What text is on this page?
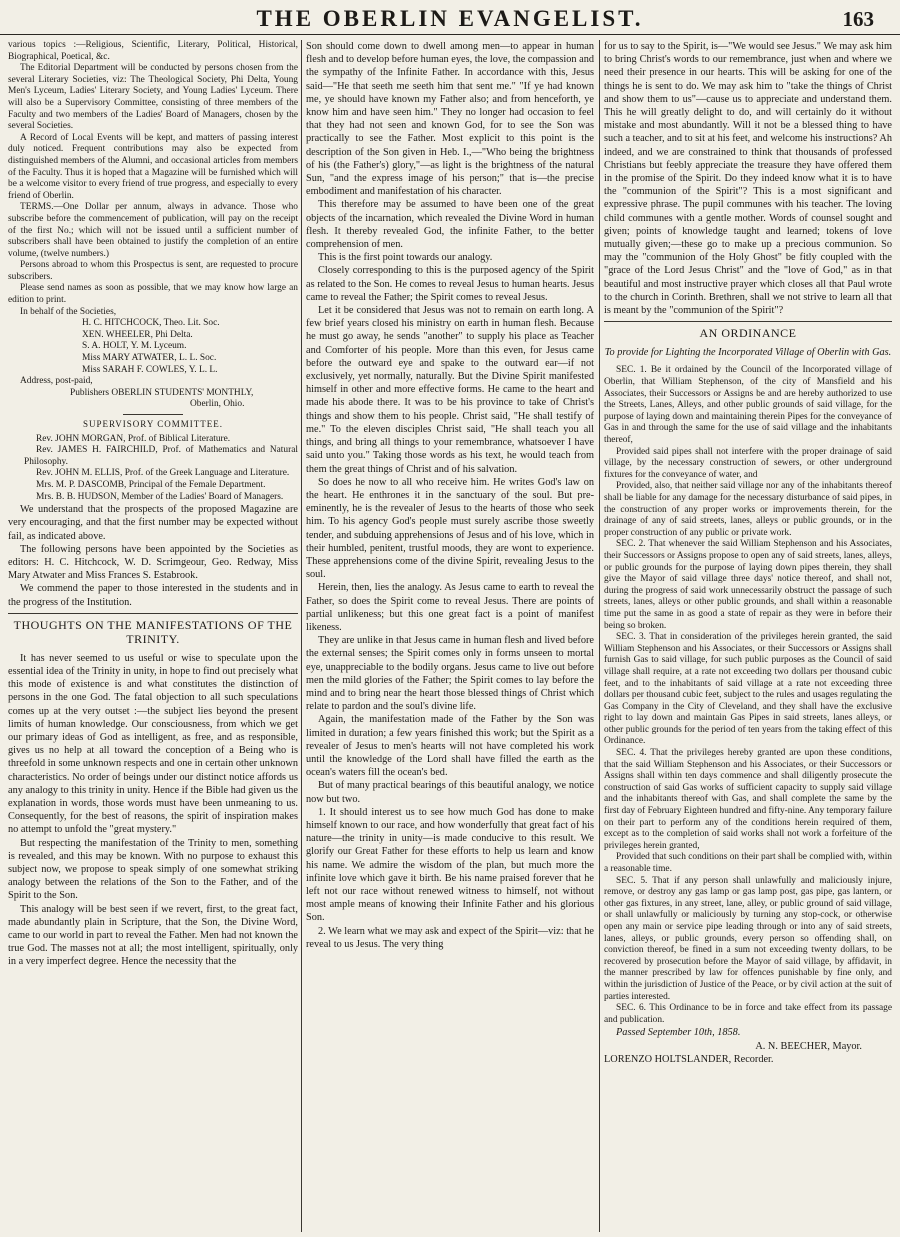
THE OBERLIN EVANGELIST.	163

various topics :—Religious, Scientific, Literary, Political, Historical, Biographical, Poetical, &c.

The Editorial Department will be conducted by persons chosen from the several Literary Societies, viz: The Theological Society, Phi Delta, Young Men's Lyceum, Ladies' Literary Society, and Young Ladies' Lyceum. There will also be a Supervisory Committee, consisting of three members of the Faculty and two members of the Ladies' Board of Managers, chosen by the several Societies.

A Record of Local Events will be kept, and matters of passing interest duly noticed. Frequent contributions may also be expected from distinguished members of the Alumni, and occasional articles from members of the Faculty. Thus it is hoped that a Magazine will be furnished which will be a welcome visitor to every friend of true progress, and especially to every friend of Oberlin.

TERMS.—One Dollar per annum, always in advance. Those who subscribe before the commencement of publication, will pay on the receipt of the first No.; which will not be issued until a sufficient number of subscribers shall have been obtained to justify the completion of an entire volume, (twelve numbers.)

Persons abroad to whom this Prospectus is sent, are requested to procure subscribers.

Please send names as soon as possible, that we may know how large an edition to print.

In behalf of the Societies,

H. C. HITCHCOCK, Theo. Lit. Soc.

XEN. WHEELER, Phi Delta.

S. A. HOLT, Y. M. Lyceum.

Miss MARY ATWATER, L. L. Soc.

Miss SARAH F. COWLES, Y. L. L.

Address, post-paid,

Publishers OBERLIN STUDENTS' MONTHLY,

Oberlin, Ohio.

SUPERVISORY COMMITTEE.

Rev. JOHN MORGAN, Prof. of Biblical Literature.

Rev. JAMES H. FAIRCHILD, Prof. of Mathematics and Natural Philosophy.

Rev. JOHN M. ELLIS, Prof. of the Greek Language and Literature.

Mrs. M. P. DASCOMB, Principal of the Female Department.

Mrs. B. B. HUDSON, Member of the Ladies' Board of Managers.

We understand that the prospects of the proposed Magazine are very encouraging, and that the first number may be expected without fail, as indicated above.

The following persons have been appointed by the Societies as editors: H. C. Hitchcock, W. D. Scrimgeour, Geo. Redway, Miss Mary Atwater and Miss Frances S. Estabrook.

We commend the paper to those interested in the students and in the progress of the Institution.

THOUGHTS ON THE MANIFESTATIONS OF THE TRINITY.

It has never seemed to us useful or wise to speculate upon the essential idea of the Trinity in unity, in hope to find out precisely what this mode of existence is and what constitutes the distinction of persons in the one God. The fatal objection to all such speculations comes up at the very outset :—the subject lies beyond the present limits of human knowledge. Our consciousness, from which we get our primary ideas of God as intelligent, as free, and as responsible, gives us no help at all toward the conception of a Being who is threefold in some unknown respects and one in certain other unknown characteristics. No order of beings under our distinct notice affords us any analogy to this trinity in unity. Hence if the Bible had given us the explanation in words, those words must have been unmeaning to us. Consequently, for the best of reasons, the spirit of inspiration makes no attempt to unfold the "great mystery."

But respecting the manifestation of the Trinity to men, something is revealed, and this may be known. With no purpose to exhaust this subject now, we propose to speak simply of one somewhat striking analogy between the relations of the Son to the Father, and of the Spirit to the Son.

This analogy will be best seen if we revert, first, to the great fact, made abundantly plain in Scripture, that the Son, the Divine Word, came to our world in part to reveal the Father. Men had not known the true God. The masses not at all; the most intelligent, spiritually, only in a very imperfect degree. Hence the necessity that the

Son should come down to dwell among men—to appear in human flesh and to develop before human eyes, the love, the compassion and the sympathy of the Infinite Father. In accordance with this, Jesus said—"He that seeth me seeth him that sent me." "If ye had known me, ye should have known my Father also; and from henceforth, ye know him and have seen him." They no longer had occasion to feel that they had not seen and known God, for to see the Son was practically to see the Father. Most explicit to this point is the description of the Son given in Heb. I.,—"Who being the brightness of his (the Father's) glory,"—as light is the brightness of the natural Sun, "and the express image of his person;" that is—the precise embodiment and manifestation of his character.

This therefore may be assumed to have been one of the great objects of the incarnation, which revealed the Divine Word in human flesh. It thereby revealed God, the infinite Father, to the better comprehension of men.

This is the first point towards our analogy.

Closely corresponding to this is the purposed agency of the Spirit as related to the Son. He comes to reveal Jesus to human hearts. Jesus came to reveal the Father; the Spirit comes to reveal Jesus.

Let it be considered that Jesus was not to remain on earth long. A few brief years closed his ministry on earth in human flesh. Because he must go away, he sends "another" to supply his place as Teacher and Comforter of his people. More than this even, for Jesus came before the outward eye and spake to the outward ear—if not exclusively, yet normally, naturally. But the Divine Spirit manifested himself in other and more effective forms. He came to the heart and made his abode there. It was to be his province to take of Christ's things and show them to his people. Christ said, "He shall testify of me." To the eleven disciples Christ said, "He shall teach you all things, and bring all things to your remembrance, whatsoever I have said unto you." Taking those words as his text, he would teach from them the great things of Christ and of his salvation.

So does he now to all who receive him. He writes God's law on the heart. He enthrones it in the sanctuary of the soul. But pre-eminently, he is the revealer of Jesus to the hearts of those who seek him. To his agency God's people must surely ascribe those sweetly tender, and subduing apprehensions of Jesus and of his love, which in their humbled, penitent, trustful moods, they are wont to experience. These apprehensions come of the divine Spirit, revealing Jesus to the soul.

Herein, then, lies the analogy. As Jesus came to earth to reveal the Father, so does the Spirit come to reveal Jesus. There are points of partial unlikeness; but this one great fact is a point of manifest likeness.

They are unlike in that Jesus came in human flesh and lived before the external senses; the Spirit comes only in forms unseen to mortal eye, unappreciable to the bodily organs. Jesus came to live out before men the mild glories of the Father; the Spirit comes to lay before the mind and to bring near the heart those blessed things of Christ which relate to pardon and the soul's divine life.

Again, the manifestation made of the Father by the Son was limited in duration; a few years finished this work; but the Spirit as a revealer of Jesus to men's hearts will not have completed his work until the knowledge of the Lord shall have filled the earth as the ocean's waters fill the ocean's bed.

But of many practical bearings of this beautiful analogy, we notice now but two.

1. It should interest us to see how much God has done to make himself known to our race, and how wonderfully that great fact of his nature—the trinity in unity—is made conducive to this result. We glorify our Great Father for these efforts to help us learn and know his name. We admire the wisdom of the plan, but much more the infinite love which gave it birth. Be his name praised forever that he left not our race without renewed witness to himself, not without most ample means of knowing their Infinite Father and his glorious Son.

2. We learn what we may ask and expect of the Spirit—viz: that he reveal to us Jesus. The very thing

for us to say to the Spirit, is—"We would see Jesus." We may ask him to bring Christ's words to our remembrance, just when and where we need their presence in our hearts. This will be asking for one of the things he is sent to do. We may ask him to "take the things of Christ and show them to us"—cause us to appreciate and understand them. This he will greatly delight to do, and will certainly do it without mistake and most abundantly. Will it not be a blessed thing to have such a teacher, and to sit at his feet, and welcome his instructions? Ah indeed, and we are constrained to think that thousands of professed Christians but feebly appreciate the treasure they have offered them in the promise of the Spirit. Do they indeed know what it is to have the "communion of the Spirit"? This is a most significant and expressive phrase. The pupil communes with his teacher. The loving child communes with a gentle mother. Words of counsel sought and given; points of knowledge taught and learned; tokens of love mutually given;—these go to make up a precious communion. So may the "communion of the Holy Ghost" be fitly coupled with the "grace of the Lord Jesus Christ" and the "love of God," as in that beautiful and most instructive prayer which closes all that Paul wrote to the church in Corinth. Brethren, shall we not strive to learn all that is meant by the "communion of the Spirit"?

AN ORDINANCE
To provide for Lighting the Incorporated Village of Oberlin with Gas.

SEC. 1. Be it ordained by the Council of the Incorporated village of Oberlin, that William Stephenson, of the city of Mansfield and his Associates, their Successors or Assigns be and are hereby authorized to use the Streets, Lanes, Alleys, and other public grounds of said village, for the purpose of laying down and maintaining therein Pipes for the conveyance of Gas in and through the same for the use of said village and the inhabitants thereof,

Provided said pipes shall not interfere with the proper drainage of said village, by the necessary construction of sewers, or other underground fixtures for the conveyance of water, and

Provided, also, that neither said village nor any of the inhabitants thereof shall be liable for any damage for the necessary disturbance of said pipes, in the construction of any proper works or improvements therein, for the drainage of any of said streets, lanes, alleys or public grounds, or in the proper construction of any public or private work.

SEC. 2. That whenever the said William Stephenson and his Associates, their Successors or Assigns propose to open any of said streets, lanes, alleys, or public grounds for the purpose of laying down pipes therein, they shall give the Mayor of said village three days' notice thereof, and shall not, during the progress of said work unnecessarily obstruct the passage of such streets, lanes, alleys or other public grounds, and shall within a reasonable time put the same in as good a state of repair as they were in before their being so broken.

SEC. 3. That in consideration of the privileges herein granted, the said William Stephenson and his Associates, or their Successors or Assigns shall furnish Gas to said village, for such public purposes as the Council of said village shall require, at a rate not exceeding two dollars per thousand cubic feet, and to the inhabitants of said village at a rate not exceeding three dollars per thousand cubic feet, subject to the rules and usages regulating the Gas Company in the City of Cleveland, and they shall have the exclusive right to lay down and maintain Gas Pipes in said streets, lanes alleys, or other public grounds for the period of ten years from the taking effect of this Ordinance.

SEC. 4. That the privileges hereby granted are upon these conditions, that the said William Stephenson and his Associates, or their Successors or Assigns shall within ten days commence and shall diligently prosecute the construction of said Gas works of sufficient capacity to supply said village and the inhabitants thereof with Gas, and shall complete the same by the first day of February Eighteen hundred and fifty-nine. Any temporary failure on their part to perform any of the conditions herein required of them, except as to the completion of said works shall not work a forfeiture of the privileges herein granted,

Provided that such conditions on their part shall be complied with, within a reasonable time.

SEC. 5. That if any person shall unlawfully and maliciously injure, remove, or destroy any gas lamp or gas lamp post, gas pipe, gas lantern, or other gas fixtures, in any street, lane, alley, or public ground of said village, or shall unlawfully or maliciously by turning any stop-cock, or otherwise open any main or service pipe leading through or into any of said streets, lanes, alleys, or public grounds, every person so offending shall, on conviction thereof, be fined in a sum not exceeding twenty dollars, to be recovered by prosecution before the Mayor of said village, by affidavit, in the manner prescribed by law for offences punishable by fine only, and within the jurisdiction of Justice of the Peace, or by civil action at the suit of parties interested.

SEC. 6. This Ordinance to be in force and take effect from its passage and publication.

Passed September 10th, 1858.

A. N. BEECHER, Mayor.

LORENZO HOLTSLANDER, Recorder.
